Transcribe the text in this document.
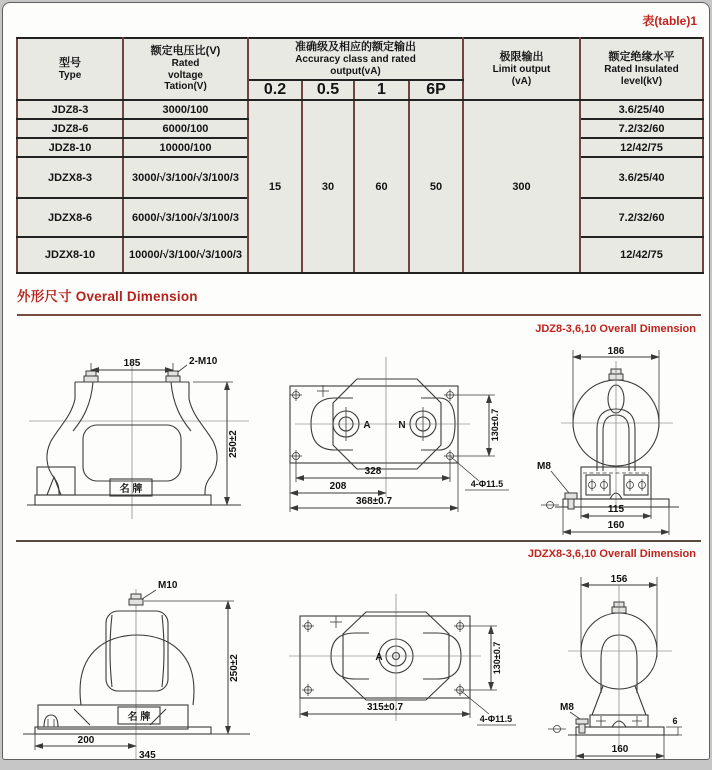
表(table)1
型号
Type

额定电压比(V)
Rated
voltage
Tation(V)

准确级及相应的额定输出
Accuracy class and rated
output(vA)

极限输出
Limit output
(vA)

额定绝缘水平
Rated Insulated
level(kV)

		0.2	0.5	1	6P		
JDZ8-3	3000/100	15	30	60	50	300	3.6/25/40
JDZ8-6	6000/100						7.2/32/60
JDZ8-10	10000/100						12/42/75
JDZX8-3	3000/√3/100/√3/100/3						3.6/25/40
JDZX8-6	6000/√3/100/√3/100/3						7.2/32/60
JDZX8-10	10000/√3/100/√3/100/3						12/42/75
外形尺寸 Overall Dimension
JDZ8-3,6,10 Overall Dimension
185	2-M10
名 牌
250±2
A	N	130±0.7
328
208
368±0.7
4-Φ11.5
186
M8
115
160
JDZX8-3,6,10 Overall Dimension
M10
名 牌
250±2
200
345
A	130±0.7
315±0.7
4-Φ11.5
156
M8
6
160
